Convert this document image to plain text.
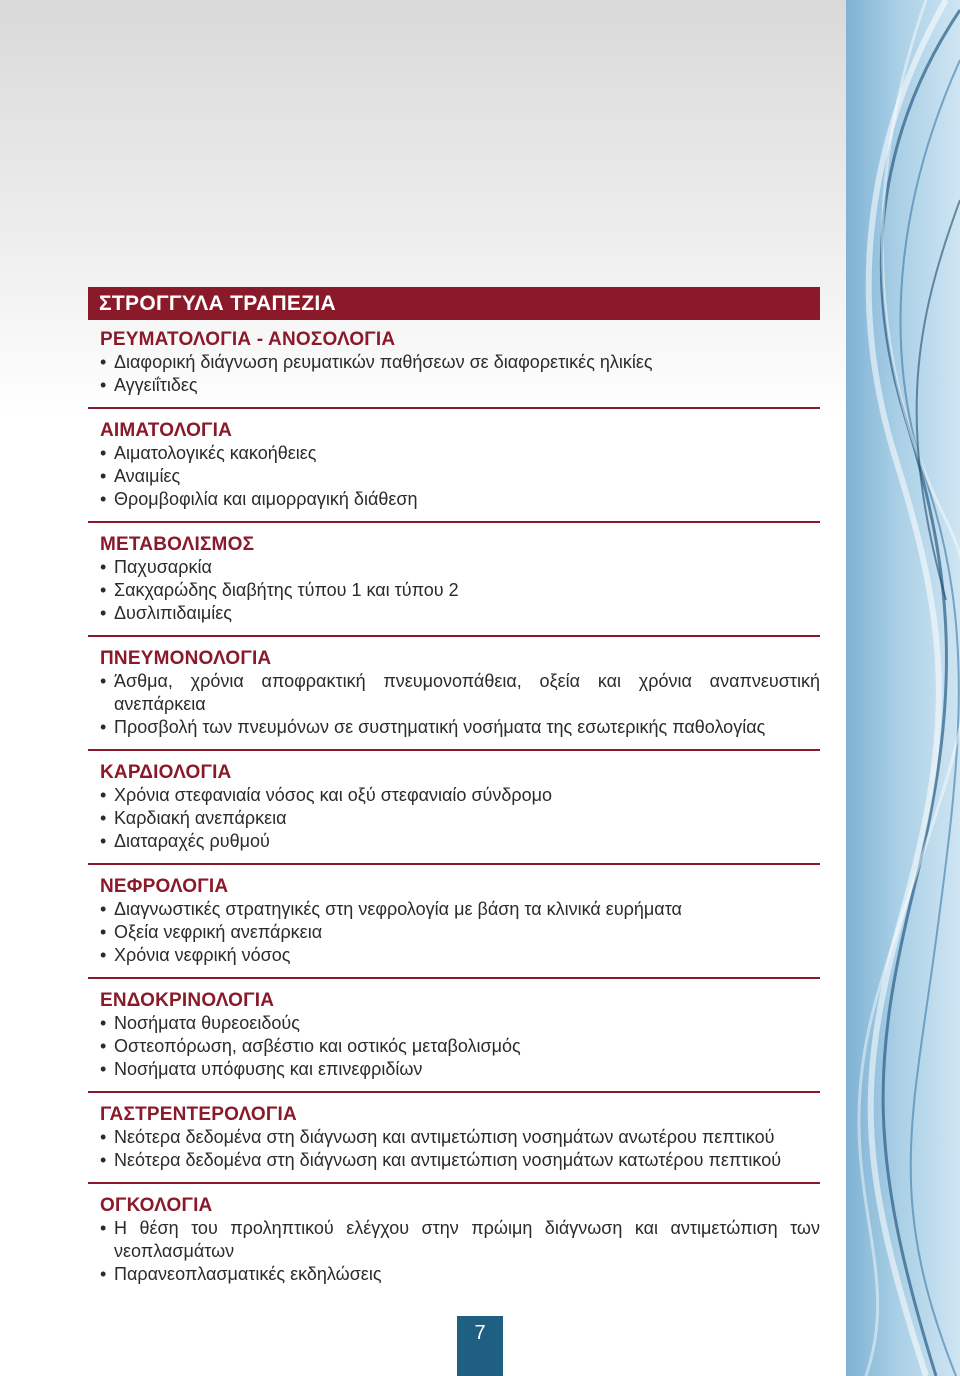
ΣΤΡΟΓΓΥΛΑ ΤΡΑΠΕΖΙΑ
ΡΕΥΜΑΤΟΛΟΓΙΑ - ΑΝΟΣΟΛΟΓΙΑ
• Διαφορική διάγνωση ρευματικών παθήσεων σε διαφορετικές ηλικίες
• Αγγειΐτιδες
ΑΙΜΑΤΟΛΟΓΙΑ
• Αιματολογικές κακοήθειες
• Αναιμίες
• Θρομβοφιλία και αιμορραγική διάθεση
ΜΕΤΑΒΟΛΙΣΜΟΣ
• Παχυσαρκία
• Σακχαρώδης διαβήτης τύπου 1 και τύπου 2
• Δυσλιπιδαιμίες
ΠΝΕΥΜΟΝΟΛΟΓΙΑ
• Άσθμα, χρόνια αποφρακτική πνευμονοπάθεια, οξεία και χρόνια αναπνευστική ανεπάρκεια
• Προσβολή των πνευμόνων σε συστηματική νοσήματα της εσωτερικής παθολογίας
ΚΑΡΔΙΟΛΟΓΙΑ
• Χρόνια στεφανιαία νόσος και οξύ στεφανιαίο σύνδρομο
• Καρδιακή ανεπάρκεια
• Διαταραχές ρυθμού
ΝΕΦΡΟΛΟΓΙΑ
• Διαγνωστικές στρατηγικές στη νεφρολογία με βάση τα κλινικά ευρήματα
• Οξεία νεφρική ανεπάρκεια
• Χρόνια νεφρική νόσος
ΕΝΔΟΚΡΙΝΟΛΟΓΙΑ
• Νοσήματα θυρεοειδούς
• Οστεοπόρωση, ασβέστιο και οστικός μεταβολισμός
• Νοσήματα υπόφυσης και επινεφριδίων
ΓΑΣΤΡΕΝΤΕΡΟΛΟΓΙΑ
• Νεότερα δεδομένα στη διάγνωση και αντιμετώπιση νοσημάτων ανωτέρου πεπτικού
• Νεότερα δεδομένα στη διάγνωση και αντιμετώπιση νοσημάτων κατωτέρου πεπτικού
ΟΓΚΟΛΟΓΙΑ
• Η θέση του προληπτικού ελέγχου στην πρώιμη διάγνωση και αντιμετώπιση των νεοπλασμάτων
• Παρανεοπλασματικές εκδηλώσεις
7
